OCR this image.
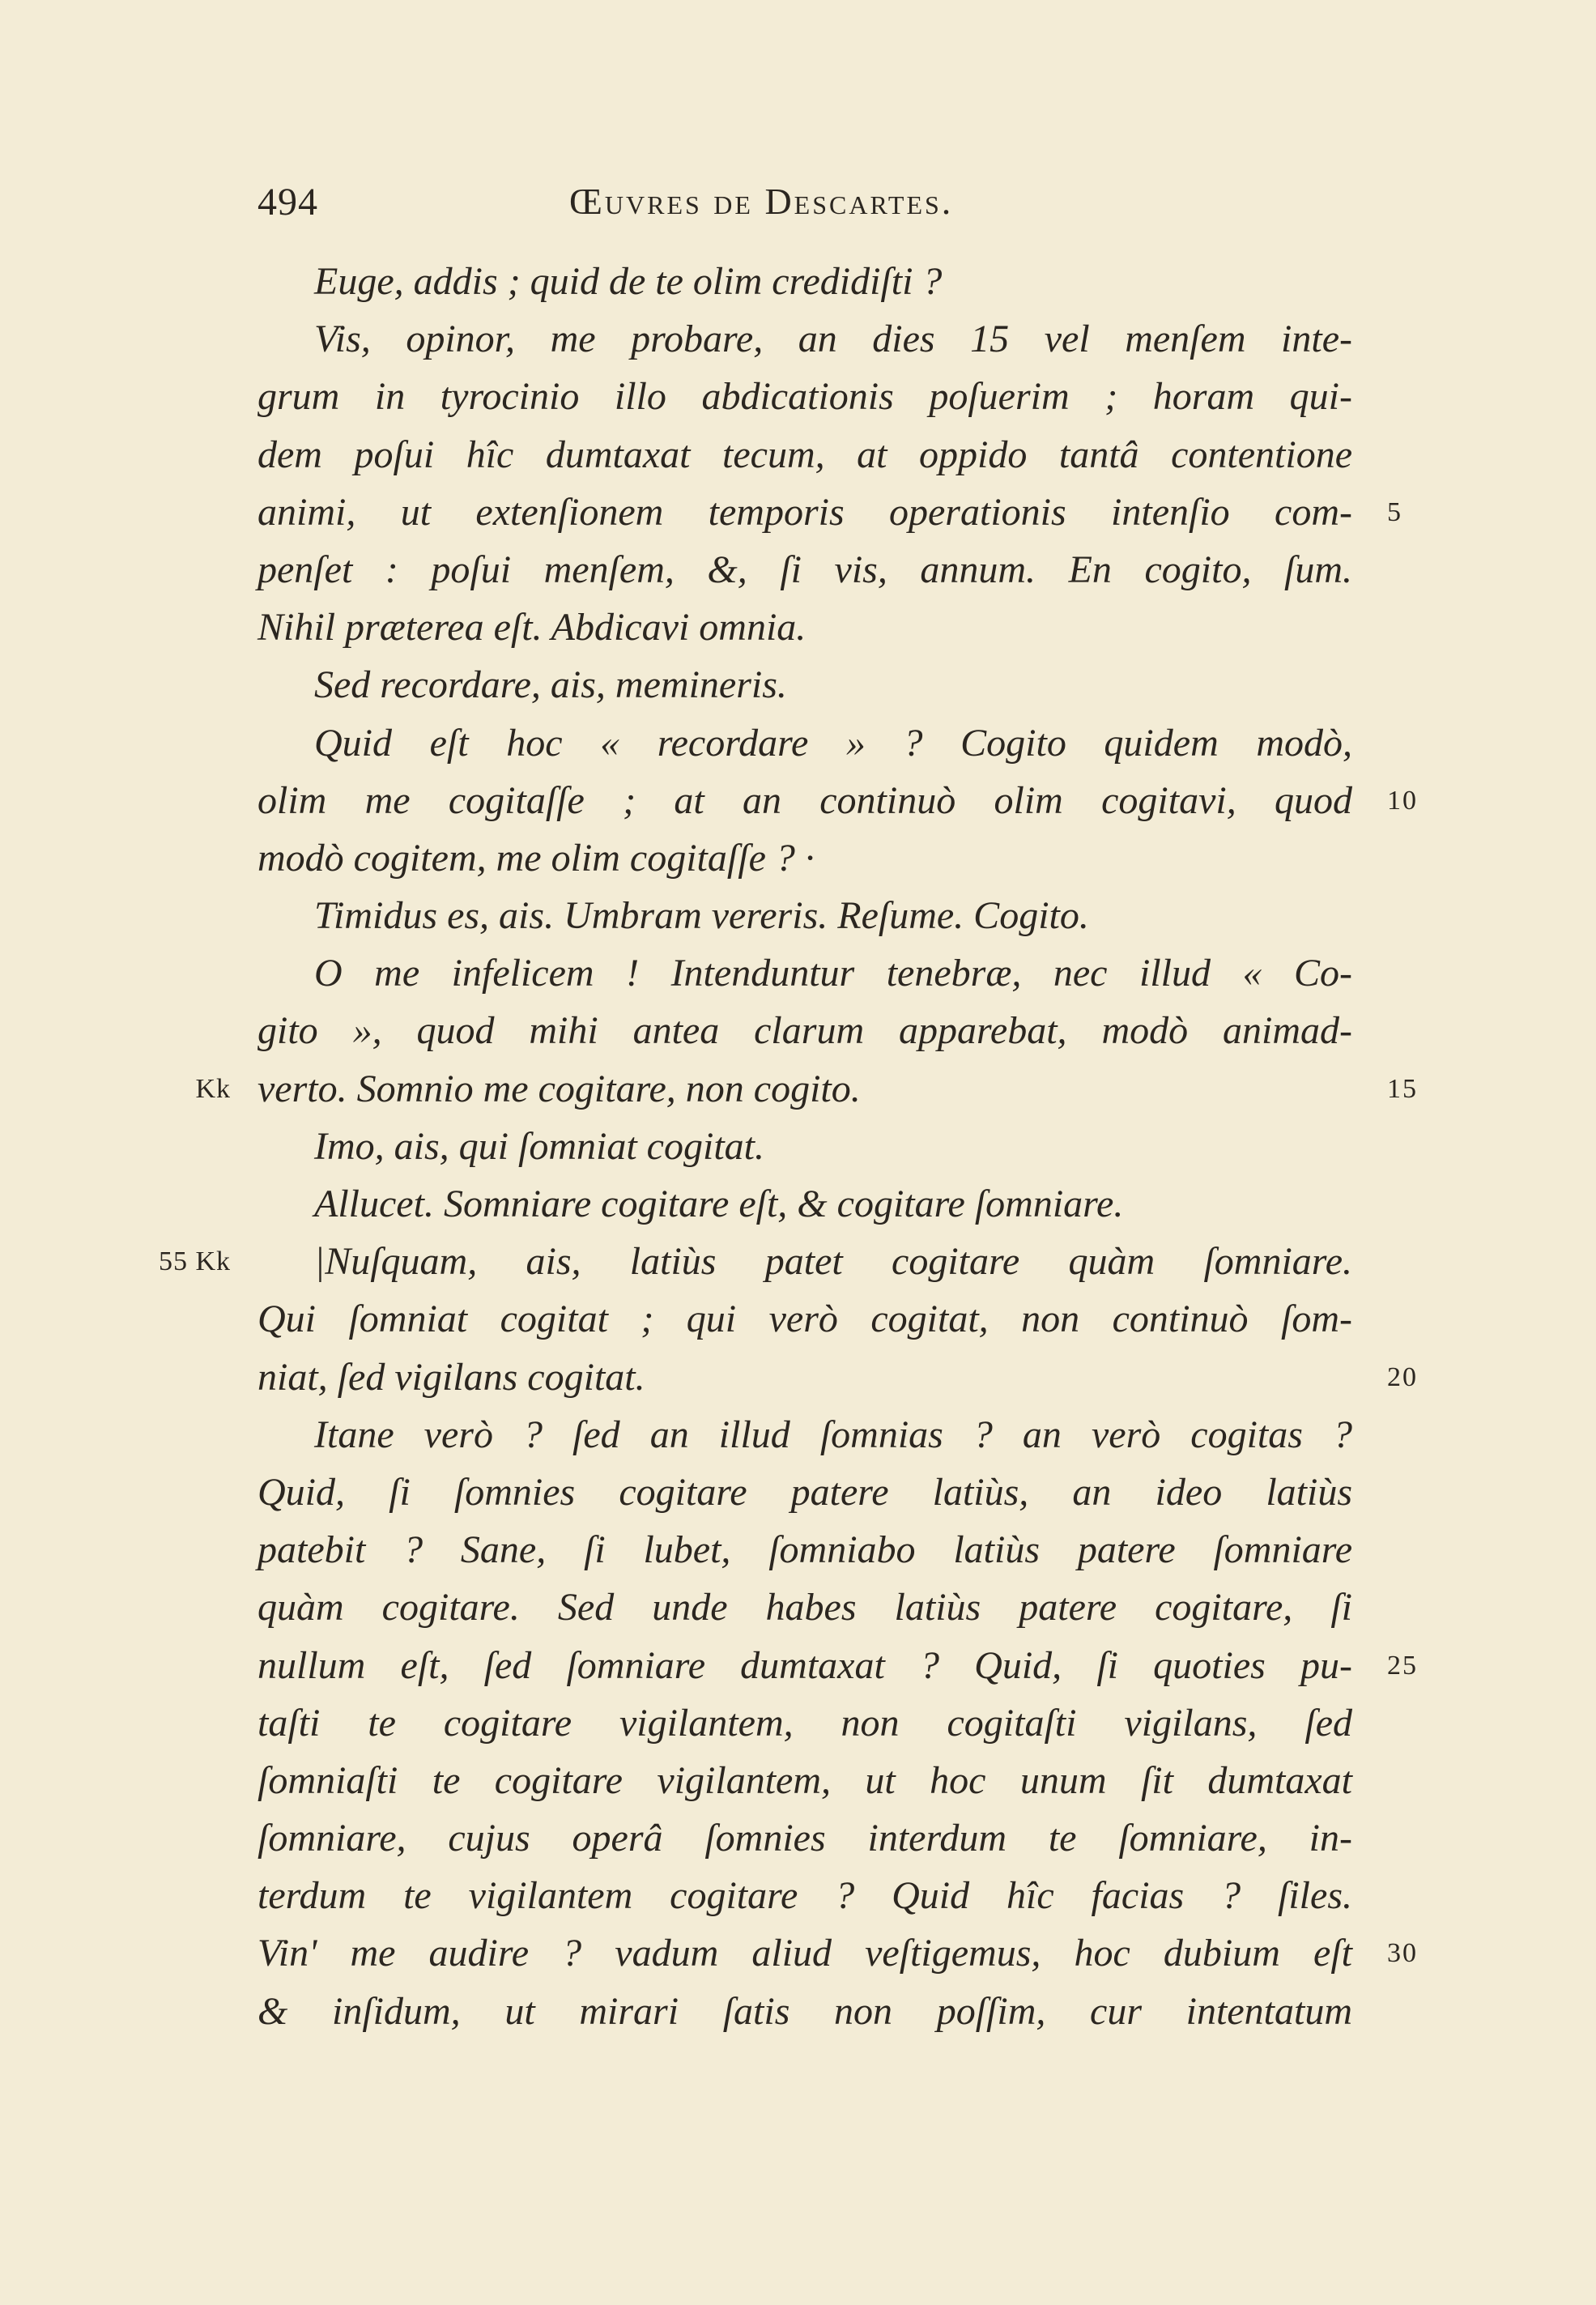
494	Œuvres de Descartes.
Euge, addis ; quid de te olim credidiſti ?
Vis, opinor, me probare, an dies 15 vel menſem inte-
grum in tyrocinio illo abdicationis poſuerim ; horam qui-
dem poſui hîc dumtaxat tecum, at oppido tantâ contentione
animi, ut extenſionem temporis operationis intenſio com- 5
penſet : poſui menſem, &, ſi vis, annum. En cogito, ſum.
Nihil præterea eſt. Abdicavi omnia.
Sed recordare, ais, memineris.
Quid eſt hoc « recordare » ? Cogito quidem modò,
olim me cogitaſſe ; at an continuò olim cogitavi, quod 10
modò cogitem, me olim cogitaſſe ? ·
Timidus es, ais. Umbram vereris. Reſume. Cogito.
O me infelicem ! Intenduntur tenebræ, nec illud « Co-
gito », quod mihi antea clarum apparebat, modò animad-
verto. Somnio me cogitare, non cogito.	15
Kk
Imo, ais, qui ſomniat cogitat.
Allucet. Somniare cogitare eſt, & cogitare ſomniare.
|Nuſquam, ais, latiùs patet cogitare quàm ſomniare.
55 Kk
Qui ſomniat cogitat ; qui verò cogitat, non continuò ſom-
niat, ſed vigilans cogitat.	20
Itane verò ? ſed an illud ſomnias ? an verò cogitas ?
Quid, ſi ſomnies cogitare patere latiùs, an ideo latiùs
patebit ? Sane, ſi lubet, ſomniabo latiùs patere ſomniare
quàm cogitare. Sed unde habes latiùs patere cogitare, ſi
nullum eſt, ſed ſomniare dumtaxat ? Quid, ſi quoties pu- 25
taſti te cogitare vigilantem, non cogitaſti vigilans, ſed
ſomniaſti te cogitare vigilantem, ut hoc unum ſit dumtaxat
ſomniare, cujus operâ ſomnies interdum te ſomniare, in-
terdum te vigilantem cogitare ? Quid hîc facias ? ſiles.
Vin' me audire ? vadum aliud veſtigemus, hoc dubium eſt 30
& inſidum, ut mirari ſatis non poſſim, cur intentatum
